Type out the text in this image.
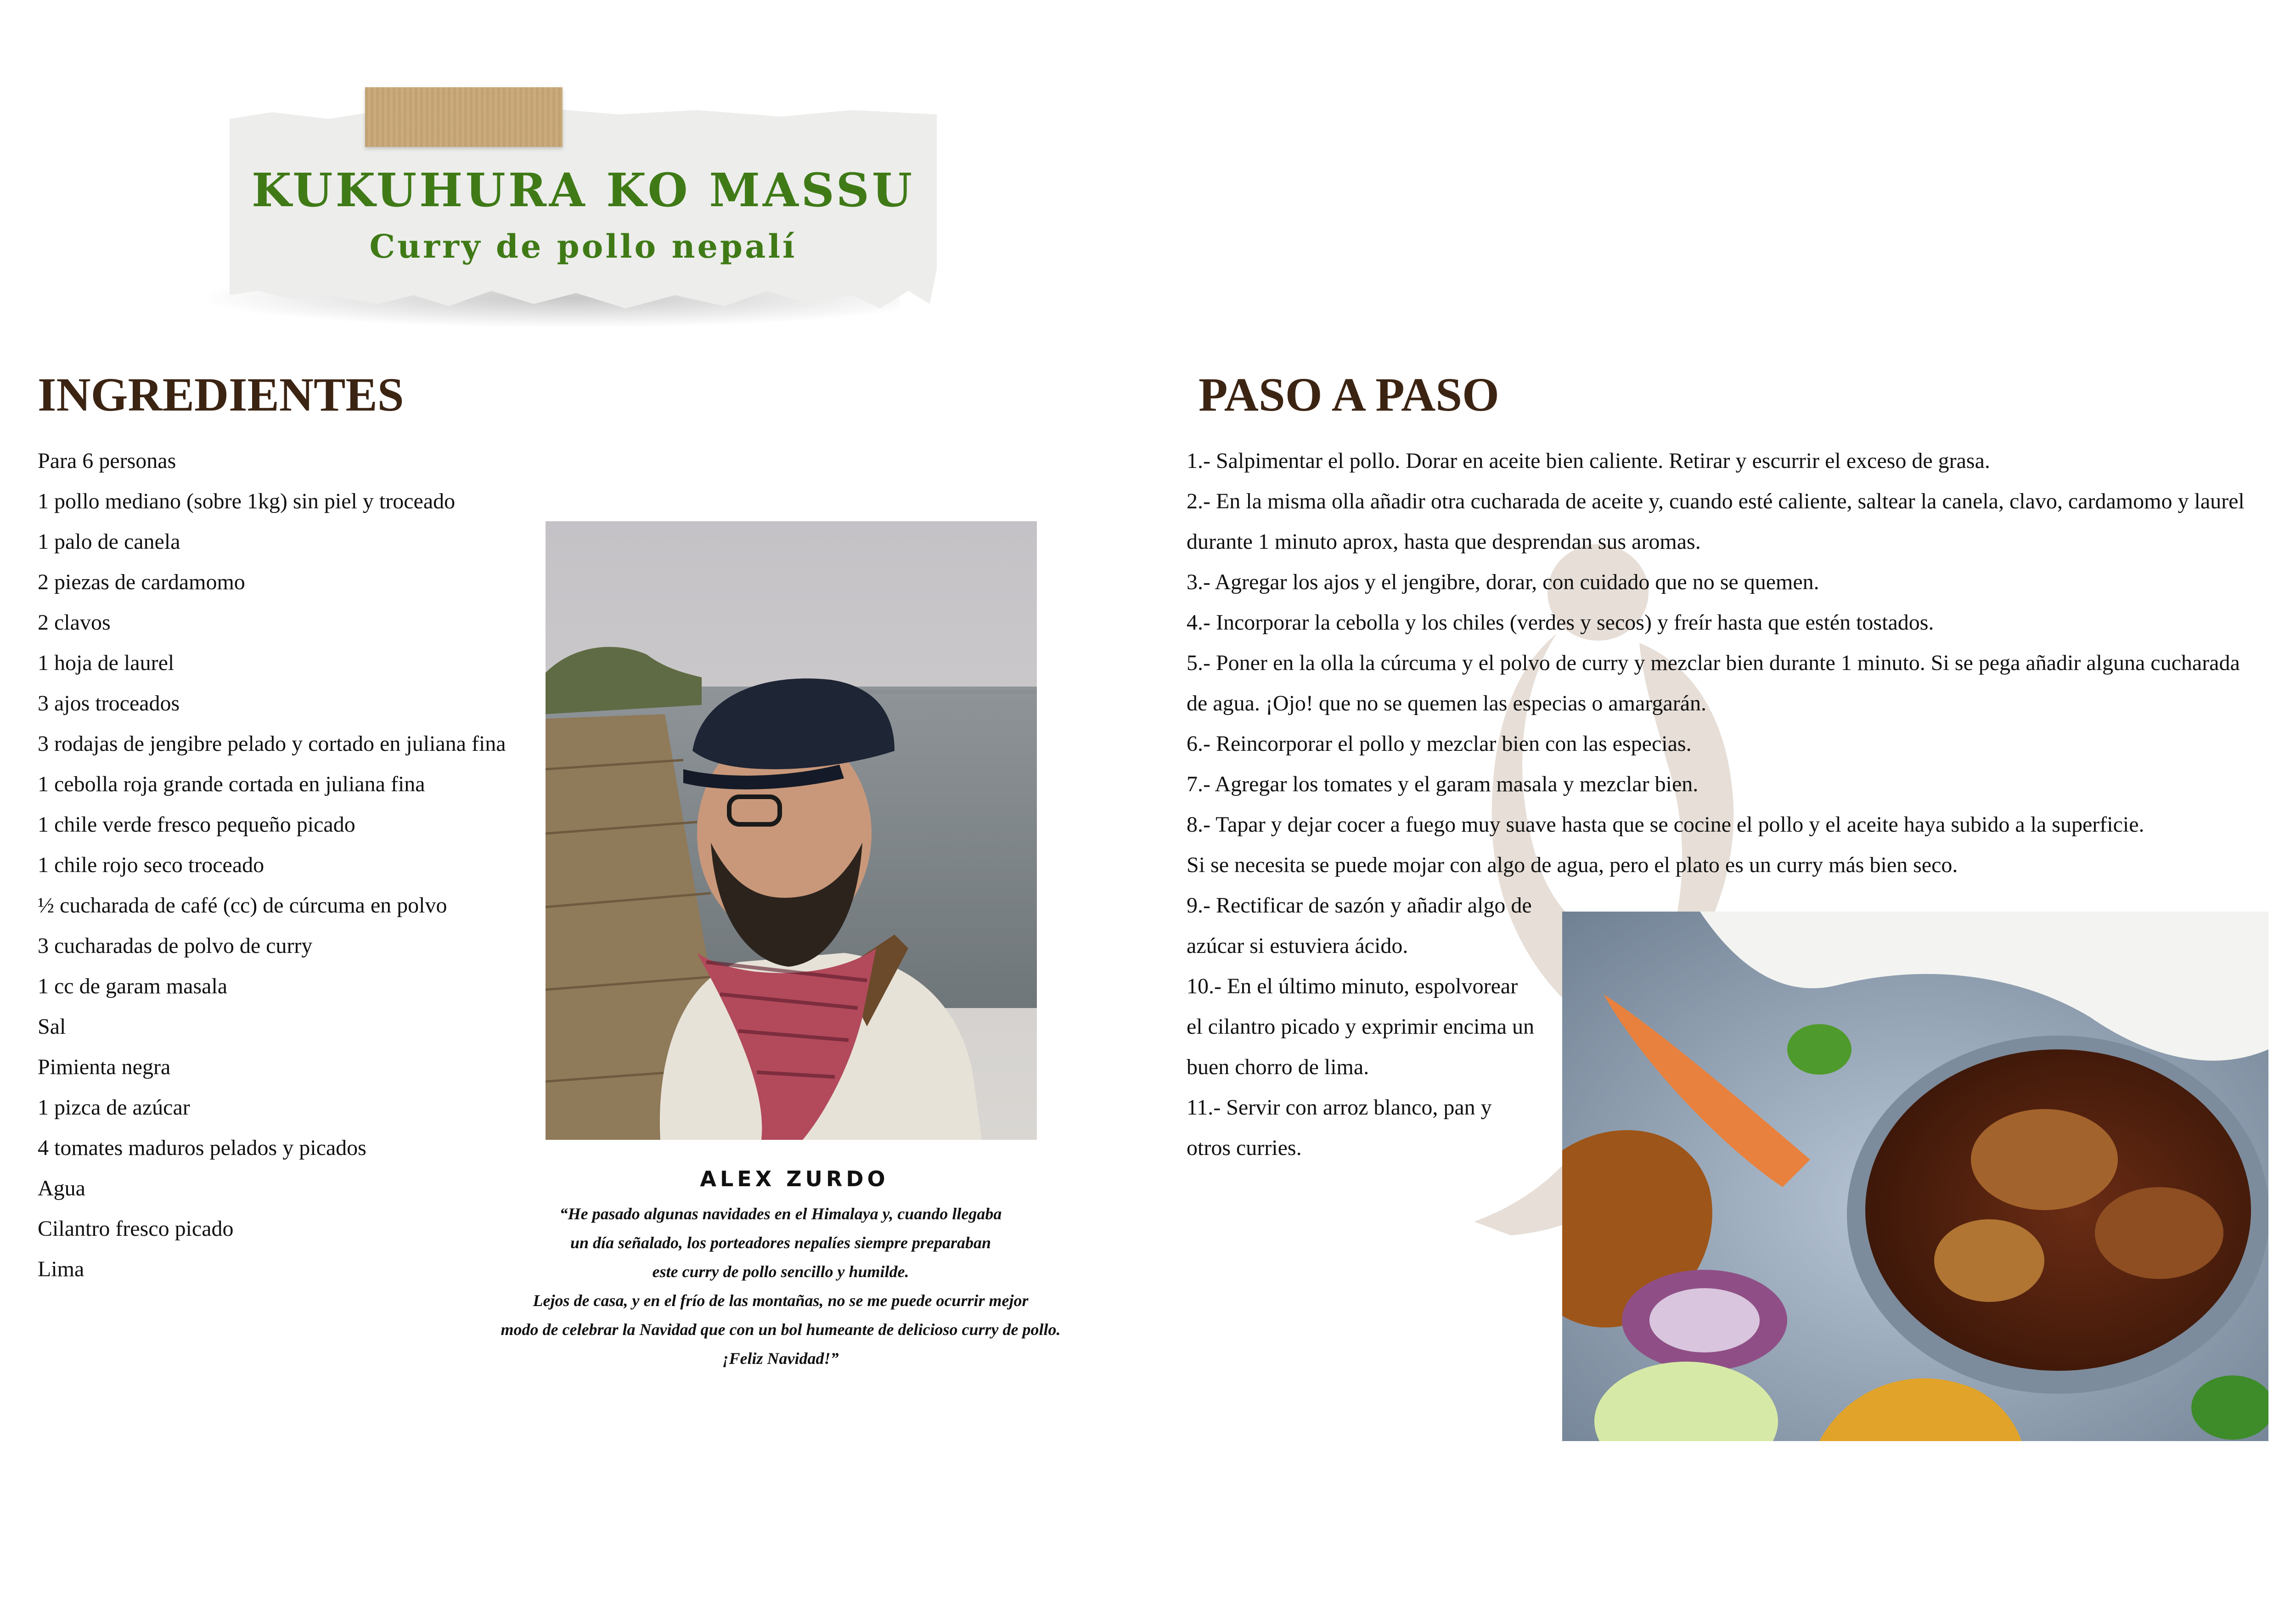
KUKUHURA KO MASSU
Curry de pollo nepalí
INGREDIENTES	PASO A PASO
Para 6 personas
1 pollo mediano (sobre 1kg) sin piel y troceado
1 palo de canela
2 piezas de cardamomo
2 clavos
1 hoja de laurel
3 ajos troceados
3 rodajas de jengibre pelado y cortado en juliana fina
1 cebolla roja grande cortada en juliana fina
1 chile verde fresco pequeño picado
1 chile rojo seco troceado
½ cucharada de café (cc) de cúrcuma en polvo
3 cucharadas de polvo de curry
1 cc de garam masala
Sal
Pimienta negra
1 pizca de azúcar
4 tomates maduros pelados y picados
Agua
Cilantro fresco picado
Lima
ALEX ZURDO
“He pasado algunas navidades en el Himalaya y, cuando llegaba
un día señalado, los porteadores nepalíes siempre preparaban
este curry de pollo sencillo y humilde.
Lejos de casa, y en el frío de las montañas, no se me puede ocurrir mejor
modo de celebrar la Navidad que con un bol humeante de delicioso curry de pollo.
¡Feliz Navidad!”

1.- Salpimentar el pollo. Dorar en aceite bien caliente. Retirar y escurrir el exceso de grasa.

2.- En la misma olla añadir otra cucharada de aceite y, cuando esté caliente, saltear la canela, clavo, cardamomo y laurel durante 1 minuto aprox, hasta que desprendan sus aromas.

3.- Agregar los ajos y el jengibre, dorar, con cuidado que no se quemen.

4.- Incorporar la cebolla y los chiles (verdes y secos) y freír hasta que estén tostados.

5.- Poner en la olla la cúrcuma y el polvo de curry y mezclar bien durante 1 minuto. Si se pega añadir alguna cucharada de agua. ¡Ojo! que no se quemen las especias o amargarán.

6.- Reincorporar el pollo y mezclar bien con las especias.

7.- Agregar los tomates y el garam masala y mezclar bien.

8.- Tapar y dejar cocer a fuego muy suave hasta que se cocine el pollo y el aceite haya subido a la superficie.

Si se necesita se puede mojar con algo de agua, pero el plato es un curry más bien seco.

9.- Rectificar de sazón y añadir algo de

azúcar si estuviera ácido.

10.- En el último minuto, espolvorear

el cilantro picado y exprimir encima un

buen chorro de lima.

11.- Servir con arroz blanco, pan y

otros curries.
